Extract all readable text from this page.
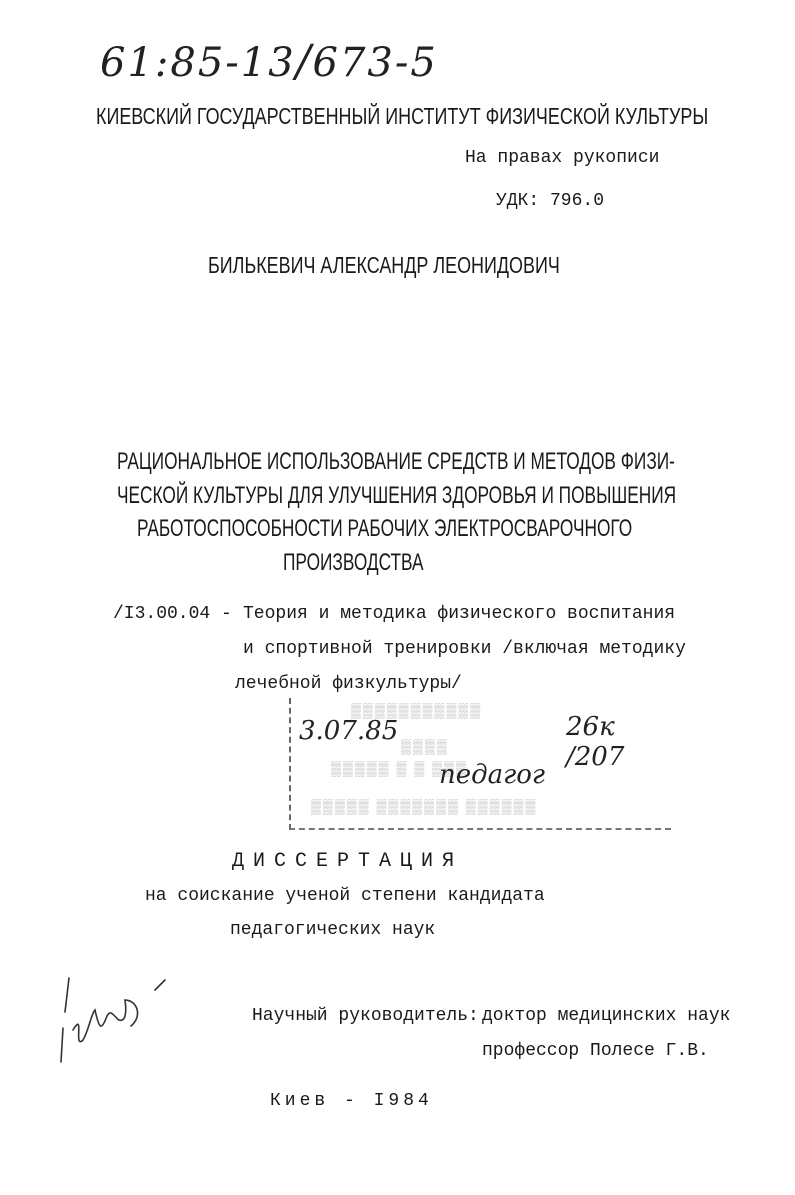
61:85-13/673-5
КИЕВСКИЙ ГОСУДАРСТВЕННЫЙ ИНСТИТУТ ФИЗИЧЕСКОЙ КУЛЬТУРЫ
На правах рукописи
УДК: 796.0
БИЛЬКЕВИЧ АЛЕКСАНДР ЛЕОНИДОВИЧ
РАЦИОНАЛЬНОЕ ИСПОЛЬЗОВАНИЕ СРЕДСТВ И МЕТОДОВ ФИЗИ-
ЧЕСКОЙ КУЛЬТУРЫ ДЛЯ УЛУЧШЕНИЯ ЗДОРОВЬЯ И ПОВЫШЕНИЯ
РАБОТОСПОСОБНОСТИ РАБОЧИХ ЭЛЕКТРОСВАРОЧНОГО
ПРОИЗВОДСТВА
/I3.00.04 - Теория и методика физического воспитания
и спортивной тренировки /включая методику
лечебной физкультуры/
▒▒▒▒▒▒▒▒▒▒▒
▒▒▒▒
▒▒▒▒▒ ▒ ▒ ▒▒▒
▒▒▒▒▒ ▒▒▒▒▒▒▒ ▒▒▒▒▒▒
3.07.85	26к /207
педагог
ДИССЕРТАЦИЯ
на соискание ученой степени кандидата
педагогических наук
Научный руководитель: доктор медицинских наук
профессор Полесе Г.В.
Киев - I984
